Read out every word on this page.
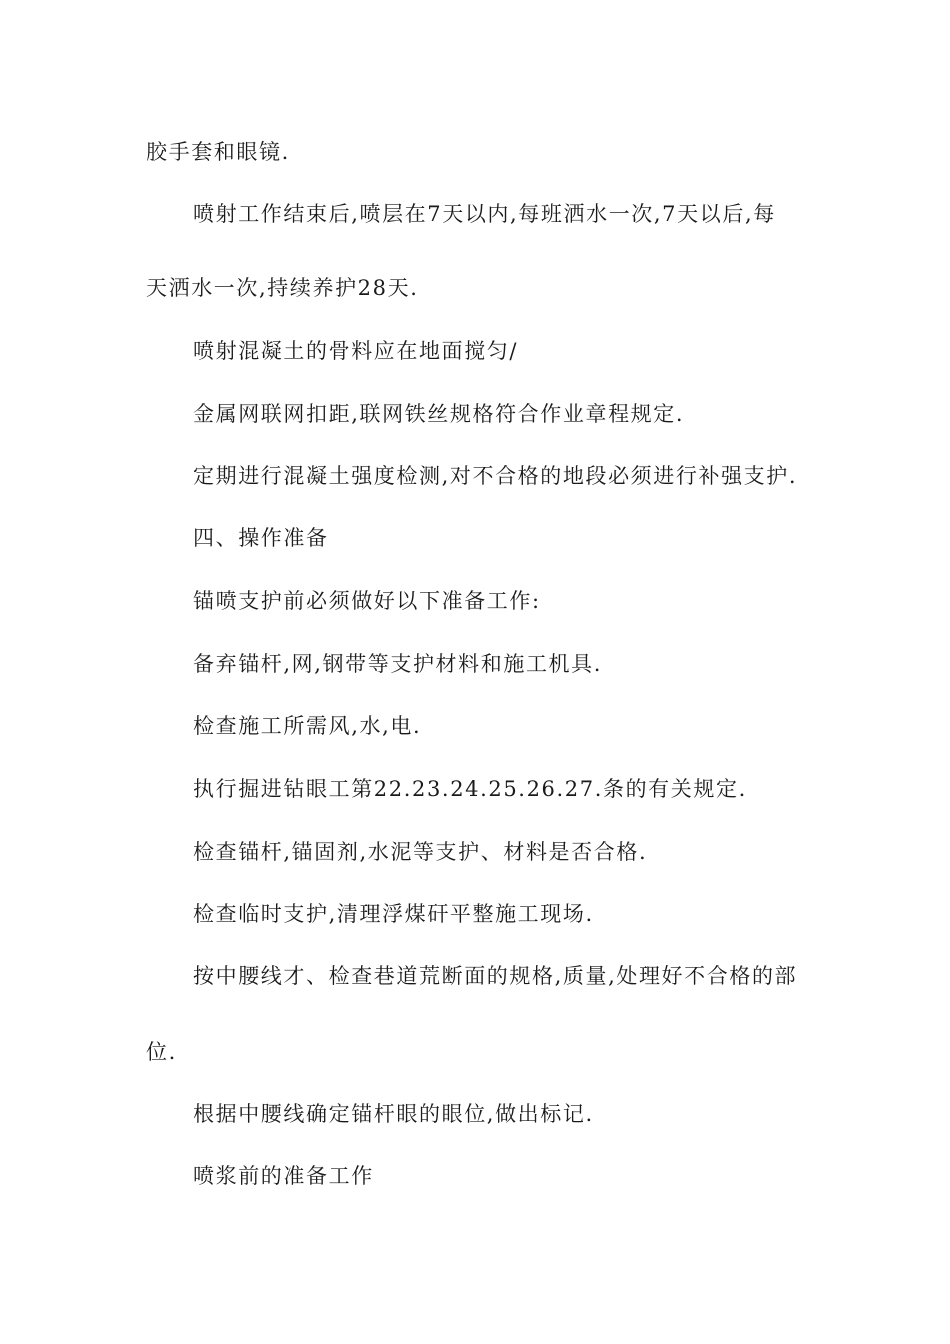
胶手套和眼镜.
喷射工作结束后,喷层在7天以内,每班洒水一次,7天以后,每
天洒水一次,持续养护28天.
喷射混凝土的骨料应在地面搅匀/
金属网联网扣距,联网铁丝规格符合作业章程规定.
定期进行混凝土强度检测,对不合格的地段必须进行补强支护.
四、操作准备
锚喷支护前必须做好以下准备工作:
备弃锚杆,网,钢带等支护材料和施工机具.
检查施工所需风,水,电.
执行掘进钻眼工第22.23.24.25.26.27.条的有关规定.
检查锚杆,锚固剂,水泥等支护、材料是否合格.
检查临时支护,清理浮煤矸平整施工现场.
按中腰线才、检查巷道荒断面的规格,质量,处理好不合格的部
位.
根据中腰线确定锚杆眼的眼位,做出标记.
喷浆前的准备工作
